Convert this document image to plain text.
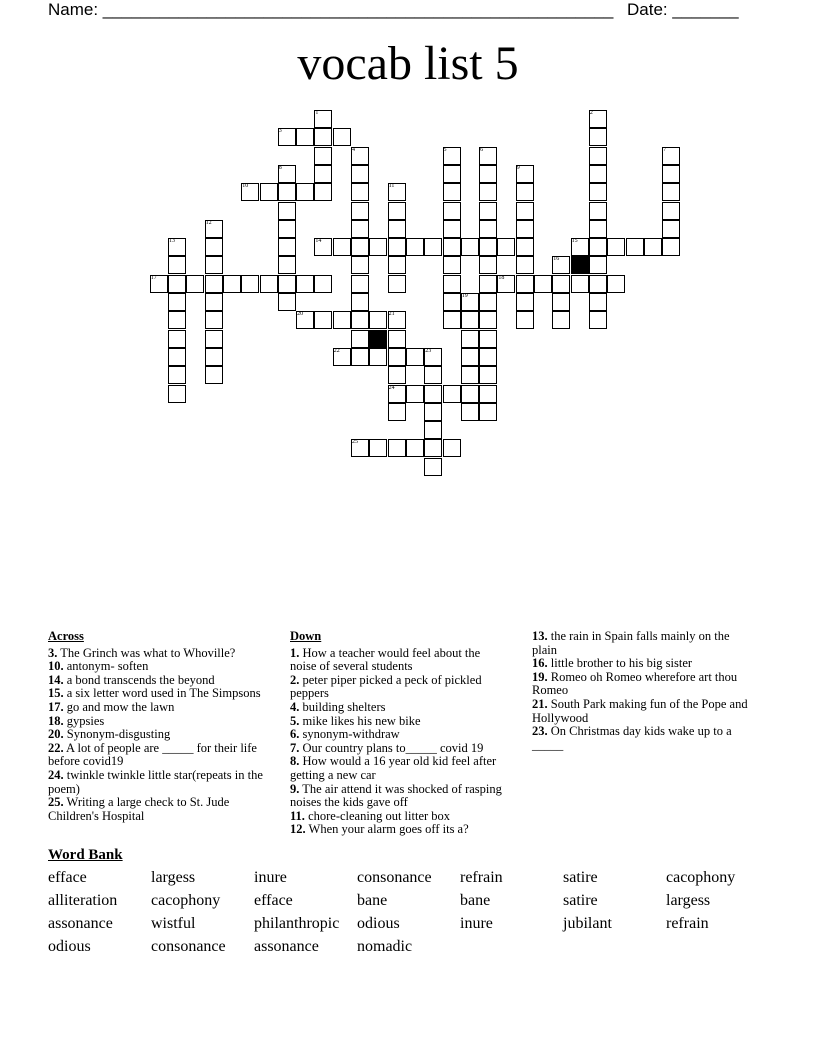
Name: ______________________________________________________ Date: _______
vocab list 5
1	2
3
4	5	6	7
8	9
10	11
12
13	14	15
16
17	18
19
20	21
22	23
24
25
Across
3. The Grinch was what to Whoville?
10. antonym- soften
14. a bond transcends the beyond
15. a six letter word used in The Simpsons
17. go and mow the lawn
18. gypsies
20. Synonym-disgusting
22. A lot of people are _____ for their life before covid19
24. twinkle twinkle little star(repeats in the poem)
25. Writing a large check to St. Jude Children's Hospital
Down
1. How a teacher would feel about the noise of several students
2. peter piper picked a peck of pickled peppers
4. building shelters
5. mike likes his new bike
6. synonym-withdraw
7. Our country plans to_____ covid 19
8. How would a 16 year old kid feel after getting a new car
9. The air attend it was shocked of rasping noises the kids gave off
11. chore-cleaning out litter box
12. When your alarm goes off its a?
13. the rain in Spain falls mainly on the plain
16. little brother to his big sister
19. Romeo oh Romeo wherefore art thou Romeo
21. South Park making fun of the Pope and Hollywood
23. On Christmas day kids wake up to a _____
Word Bank
efface	largess	inure	consonance	refrain	satire	cacophony
alliteration	cacophony	efface	bane	bane	satire	largess
assonance	wistful	philanthropic	odious	inure	jubilant	refrain
odious	consonance	assonance	nomadic
